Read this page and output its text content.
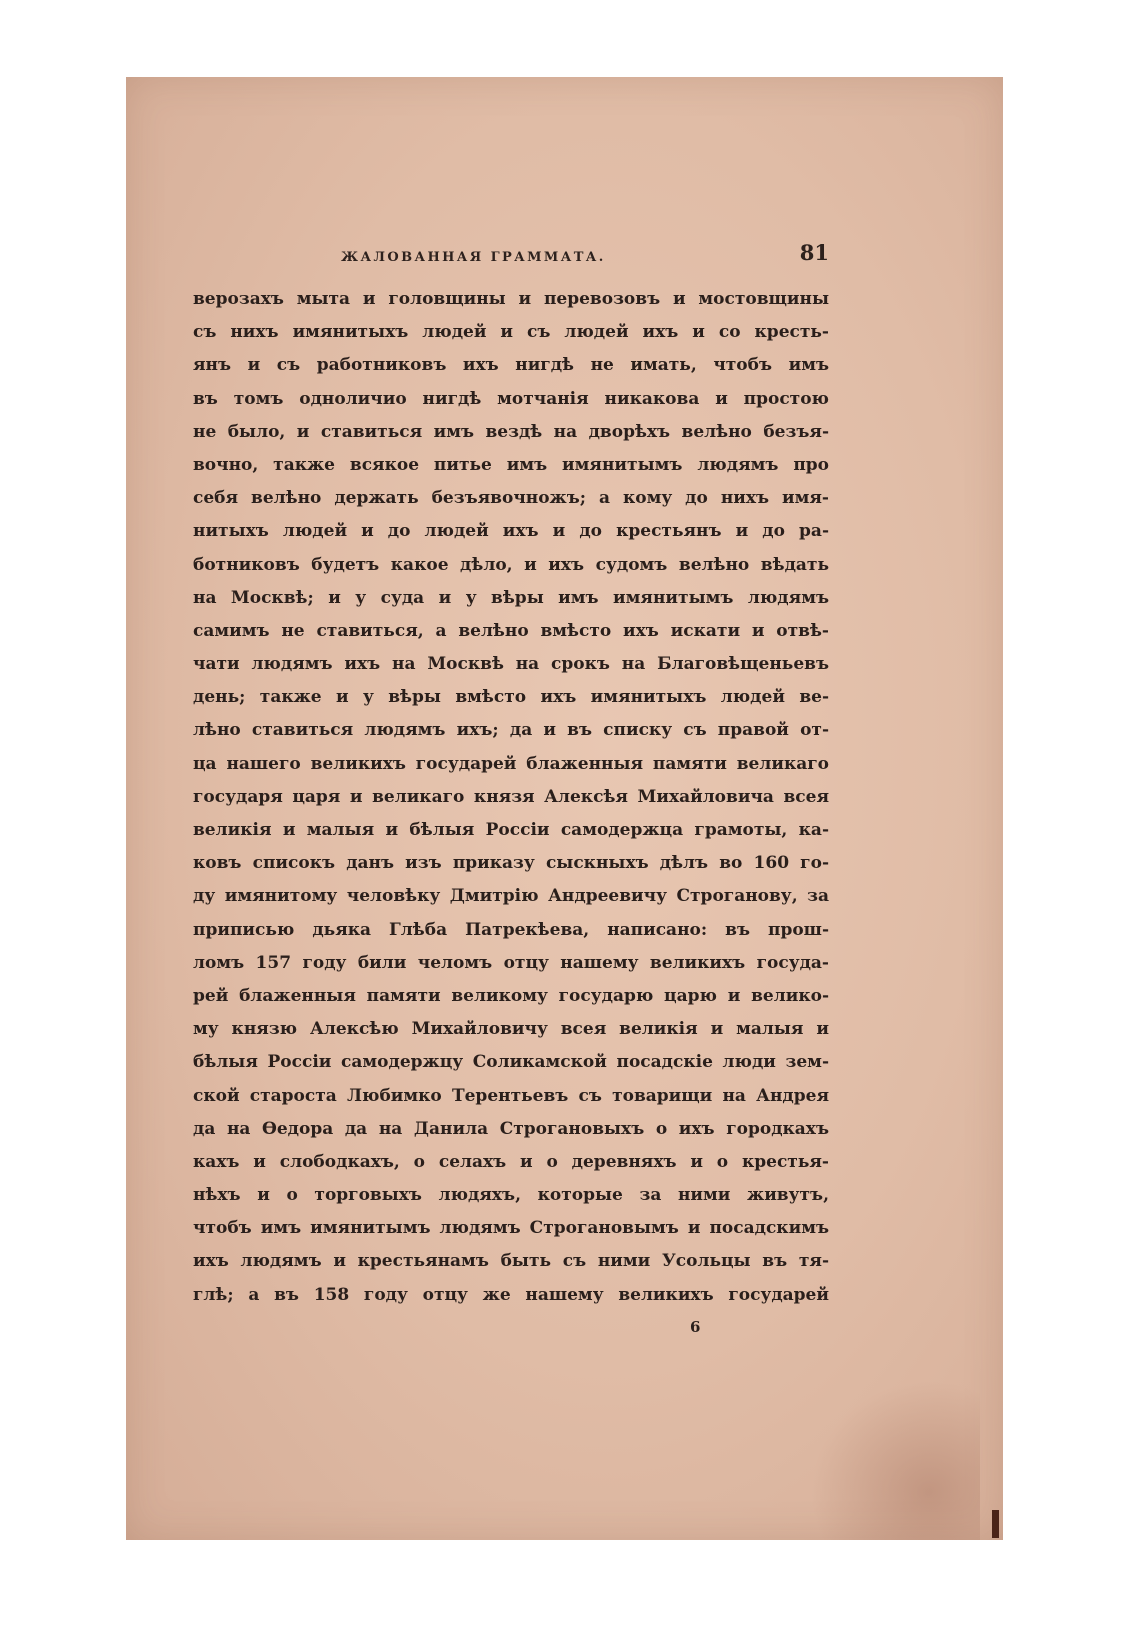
ЖАЛОВАННАЯ ГРАММАТА.	81
верозахъ мыта и головщины и перевозовъ и мостовщины
съ нихъ имянитыхъ людей и съ людей ихъ и со кресть-
янъ и съ работниковъ ихъ нигдѣ не имать, чтобъ имъ
въ томъ одноличио нигдѣ мотчанія никакова и простою
не было, и ставиться имъ вездѣ на дворѣхъ велѣно безъя-
вочно, также всякое питье имъ имянитымъ людямъ про
себя велѣно держать безъявочножъ; а кому до нихъ имя-
нитыхъ людей и до людей ихъ и до крестьянъ и до ра-
ботниковъ будетъ какое дѣло, и ихъ судомъ велѣно вѣдать
на Москвѣ; и у суда и у вѣры имъ имянитымъ людямъ
самимъ не ставиться, а велѣно вмѣсто ихъ искати и отвѣ-
чати людямъ ихъ на Москвѣ на срокъ на Благовѣщеньевъ
день; также и у вѣры вмѣсто ихъ имянитыхъ людей ве-
лѣно ставиться людямъ ихъ; да и въ списку съ правой от-
ца нашего великихъ государей блаженныя памяти великаго
государя царя и великаго князя Алексѣя Михайловича всея
великія и малыя и бѣлыя Россіи самодержца грамоты, ка-
ковъ списокъ данъ изъ приказу сыскныхъ дѣлъ во 160 го-
ду имянитому человѣку Дмитрію Андреевичу Строганову, за
приписью дьяка Глѣба Патрекѣева, написано: въ прош-
ломъ 157 году били челомъ отцу нашему великихъ госуда-
рей блаженныя памяти великому государю царю и велико-
му князю Алексѣю Михайловичу всея великія и малыя и
бѣлыя Россіи самодержцу Соликамской посадскіе люди зем-
ской староста Любимко Терентьевъ съ товарищи на Андрея
да на Ѳедора да на Данила Строгановыхъ о ихъ городкахъ
кахъ и слободкахъ, о селахъ и о деревняхъ и о крестья-
нѣхъ и о торговыхъ людяхъ, которые за ними живутъ,
чтобъ имъ имянитымъ людямъ Строгановымъ и посадскимъ
ихъ людямъ и крестьянамъ быть съ ними Усольцы въ тя-
глѣ; а въ 158 году отцу же нашему великихъ государей
6
